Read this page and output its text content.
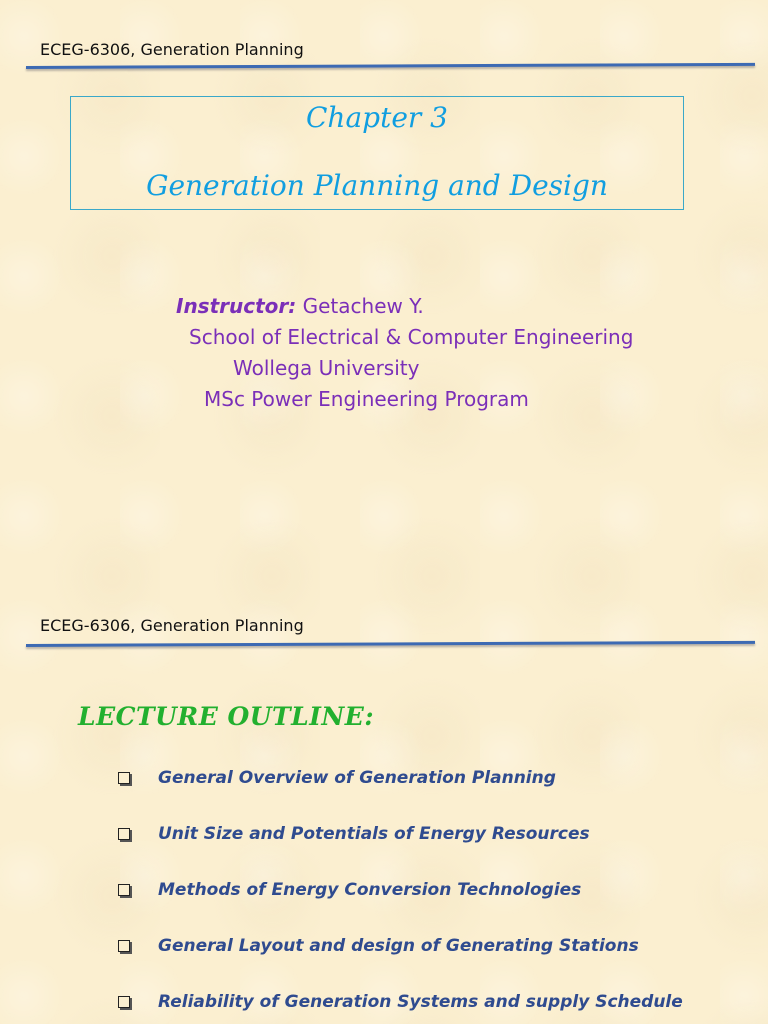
ECEG-6306, Generation Planning
Chapter 3
Generation Planning and Design
Instructor: Getachew Y.
School of Electrical & Computer Engineering
Wollega University
MSc Power Engineering Program
ECEG-6306, Generation Planning
LECTURE OUTLINE:
General Overview of Generation Planning
Unit Size and Potentials of Energy Resources
Methods of Energy Conversion Technologies
General Layout and design of Generating Stations
Reliability of Generation Systems and supply Schedule
